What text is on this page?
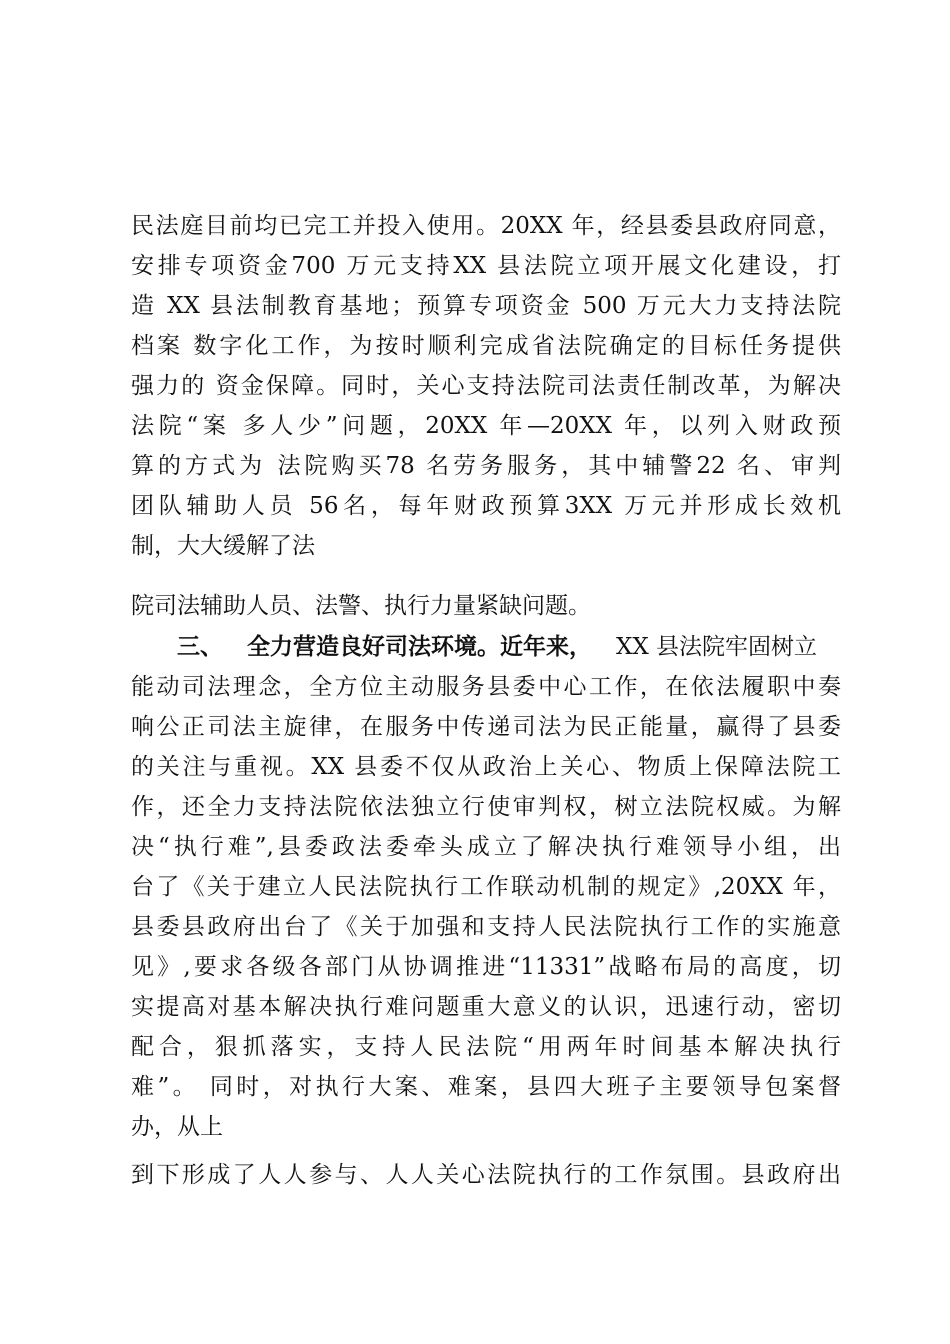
民法庭目前均已完工并投入使用。20XX 年，经县委县政府同意，
安排专项资金700 万元支持XX 县法院立项开展文化建设，打
造 XX 县法制教育基地；预算专项资金 500 万元大力支持法院
档案 数字化工作，为按时顺利完成省法院确定的目标任务提供
强力的 资金保障。同时，关心支持法院司法责任制改革，为解决
法院“案 多人少”问题，20XX 年—20XX 年，以列入财政预
算的方式为 法院购买78 名劳务服务，其中辅警22 名、审判
团队辅助人员 56名，每年财政预算3XX 万元并形成长效机
制，大大缓解了法
院司法辅助人员、法警、执行力量紧缺问题。
三、 全力营造良好司法环境。近年来， XX 县法院牢固树立
能动司法理念，全方位主动服务县委中心工作，在依法履职中奏
响公正司法主旋律，在服务中传递司法为民正能量，赢得了县委
的关注与重视。XX 县委不仅从政治上关心、物质上保障法院工
作，还全力支持法院依法独立行使审判权，树立法院权威。为解
决“执行难”,县委政法委牵头成立了解决执行难领导小组，出
台了《关于建立人民法院执行工作联动机制的规定》,20XX 年，
县委县政府出台了《关于加强和支持人民法院执行工作的实施意
见》,要求各级各部门从协调推进“11331”战略布局的高度，切
实提高对基本解决执行难问题重大意义的认识，迅速行动，密切
配合，狠抓落实，支持人民法院“用两年时间基本解决执行
难”。 同时，对执行大案、难案，县四大班子主要领导包案督
办，从上
到下形成了人人参与、人人关心法院执行的工作氛围。县政府出
